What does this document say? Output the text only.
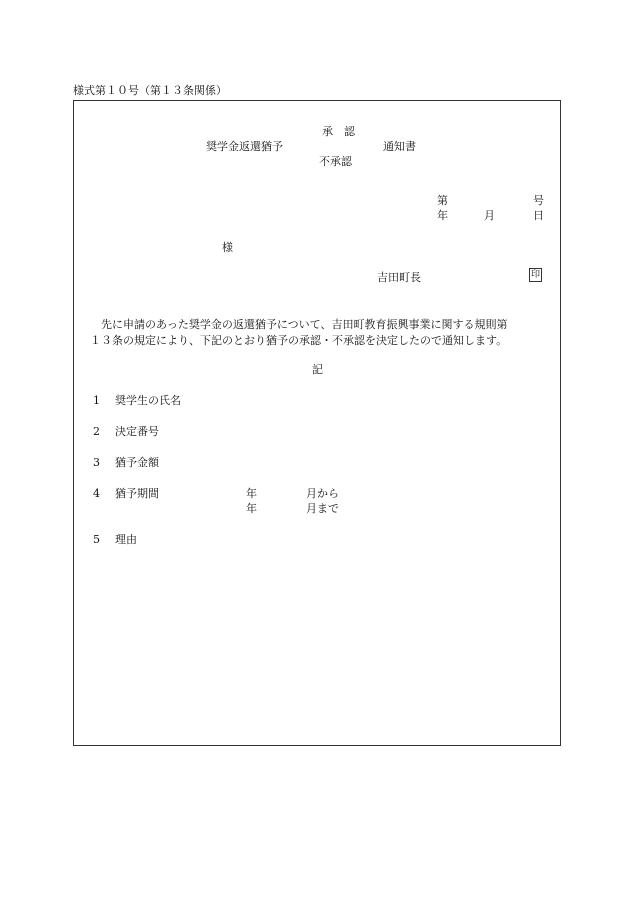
様式第１０号（第１３条関係）
承　認
奨学金返還猶予	通知書
不承認
第	号
年	月	日
様
吉田町長	印
先に申請のあった奨学金の返還猶予について、吉田町教育振興事業に関する規則第
１３条の規定により、下記のとおり猶予の承認・不承認を決定したので通知します。
記
1 奨学生の氏名
2 決定番号
3 猶予金額
4 猶予期間	年	月から
年	月まで
5 理由
